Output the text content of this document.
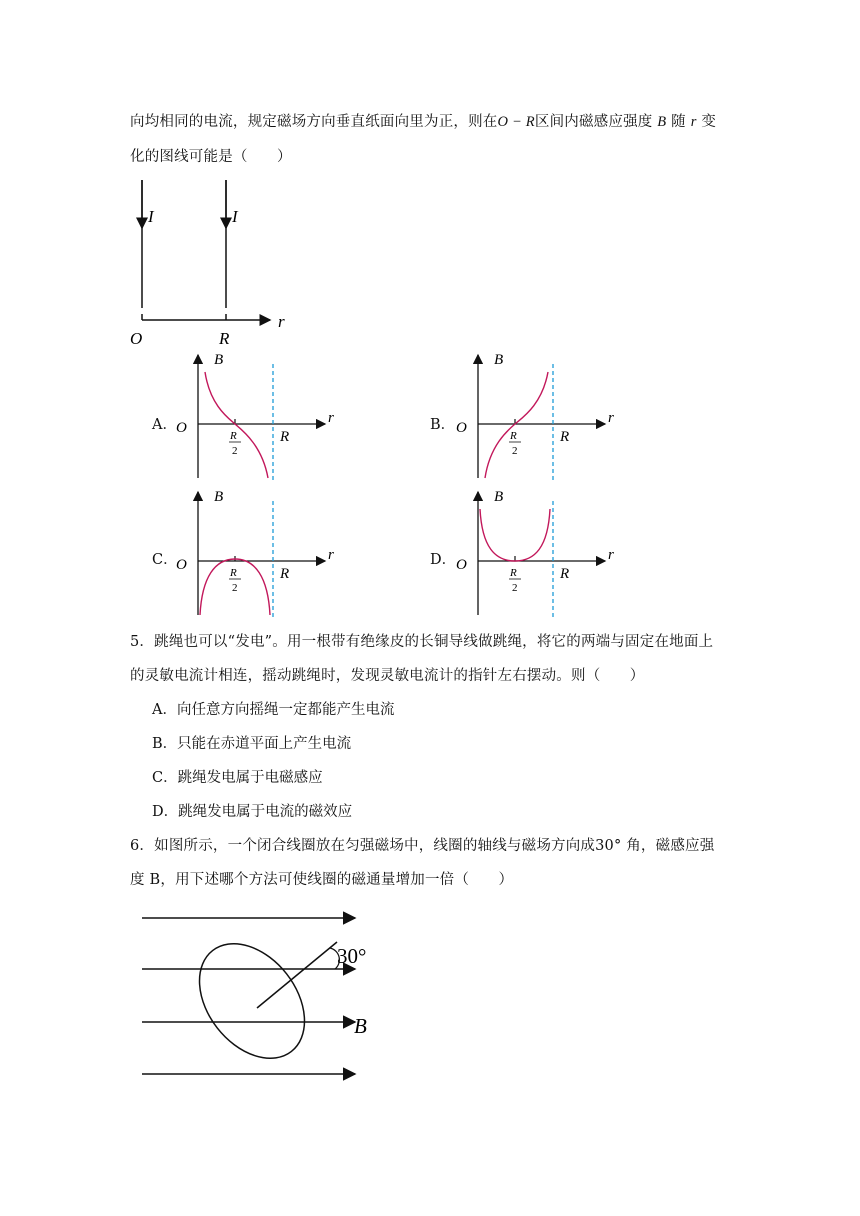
向均相同的电流，规定磁场方向垂直纸面向里为正，则在O − R区间内磁感应强度 B 随 r 变
化的图线可能是（　　）
I	I
O	R
r
A．
B
O
r
R
2
R
B．
B
O
r
R
2
R
C．
B
O
r
R
2
R
D．
B
O
r
R
2
R
5．跳绳也可以“发电”。用一根带有绝缘皮的长铜导线做跳绳，将它的两端与固定在地面上
的灵敏电流计相连，摇动跳绳时，发现灵敏电流计的指针左右摆动。则（　　）
A．向任意方向摇绳一定都能产生电流
B．只能在赤道平面上产生电流
C．跳绳发电属于电磁感应
D．跳绳发电属于电流的磁效应
6．如图所示，一个闭合线圈放在匀强磁场中，线圈的轴线与磁场方向成30° 角，磁感应强
度 B，用下述哪个方法可使线圈的磁通量增加一倍（　　）
30°
B
